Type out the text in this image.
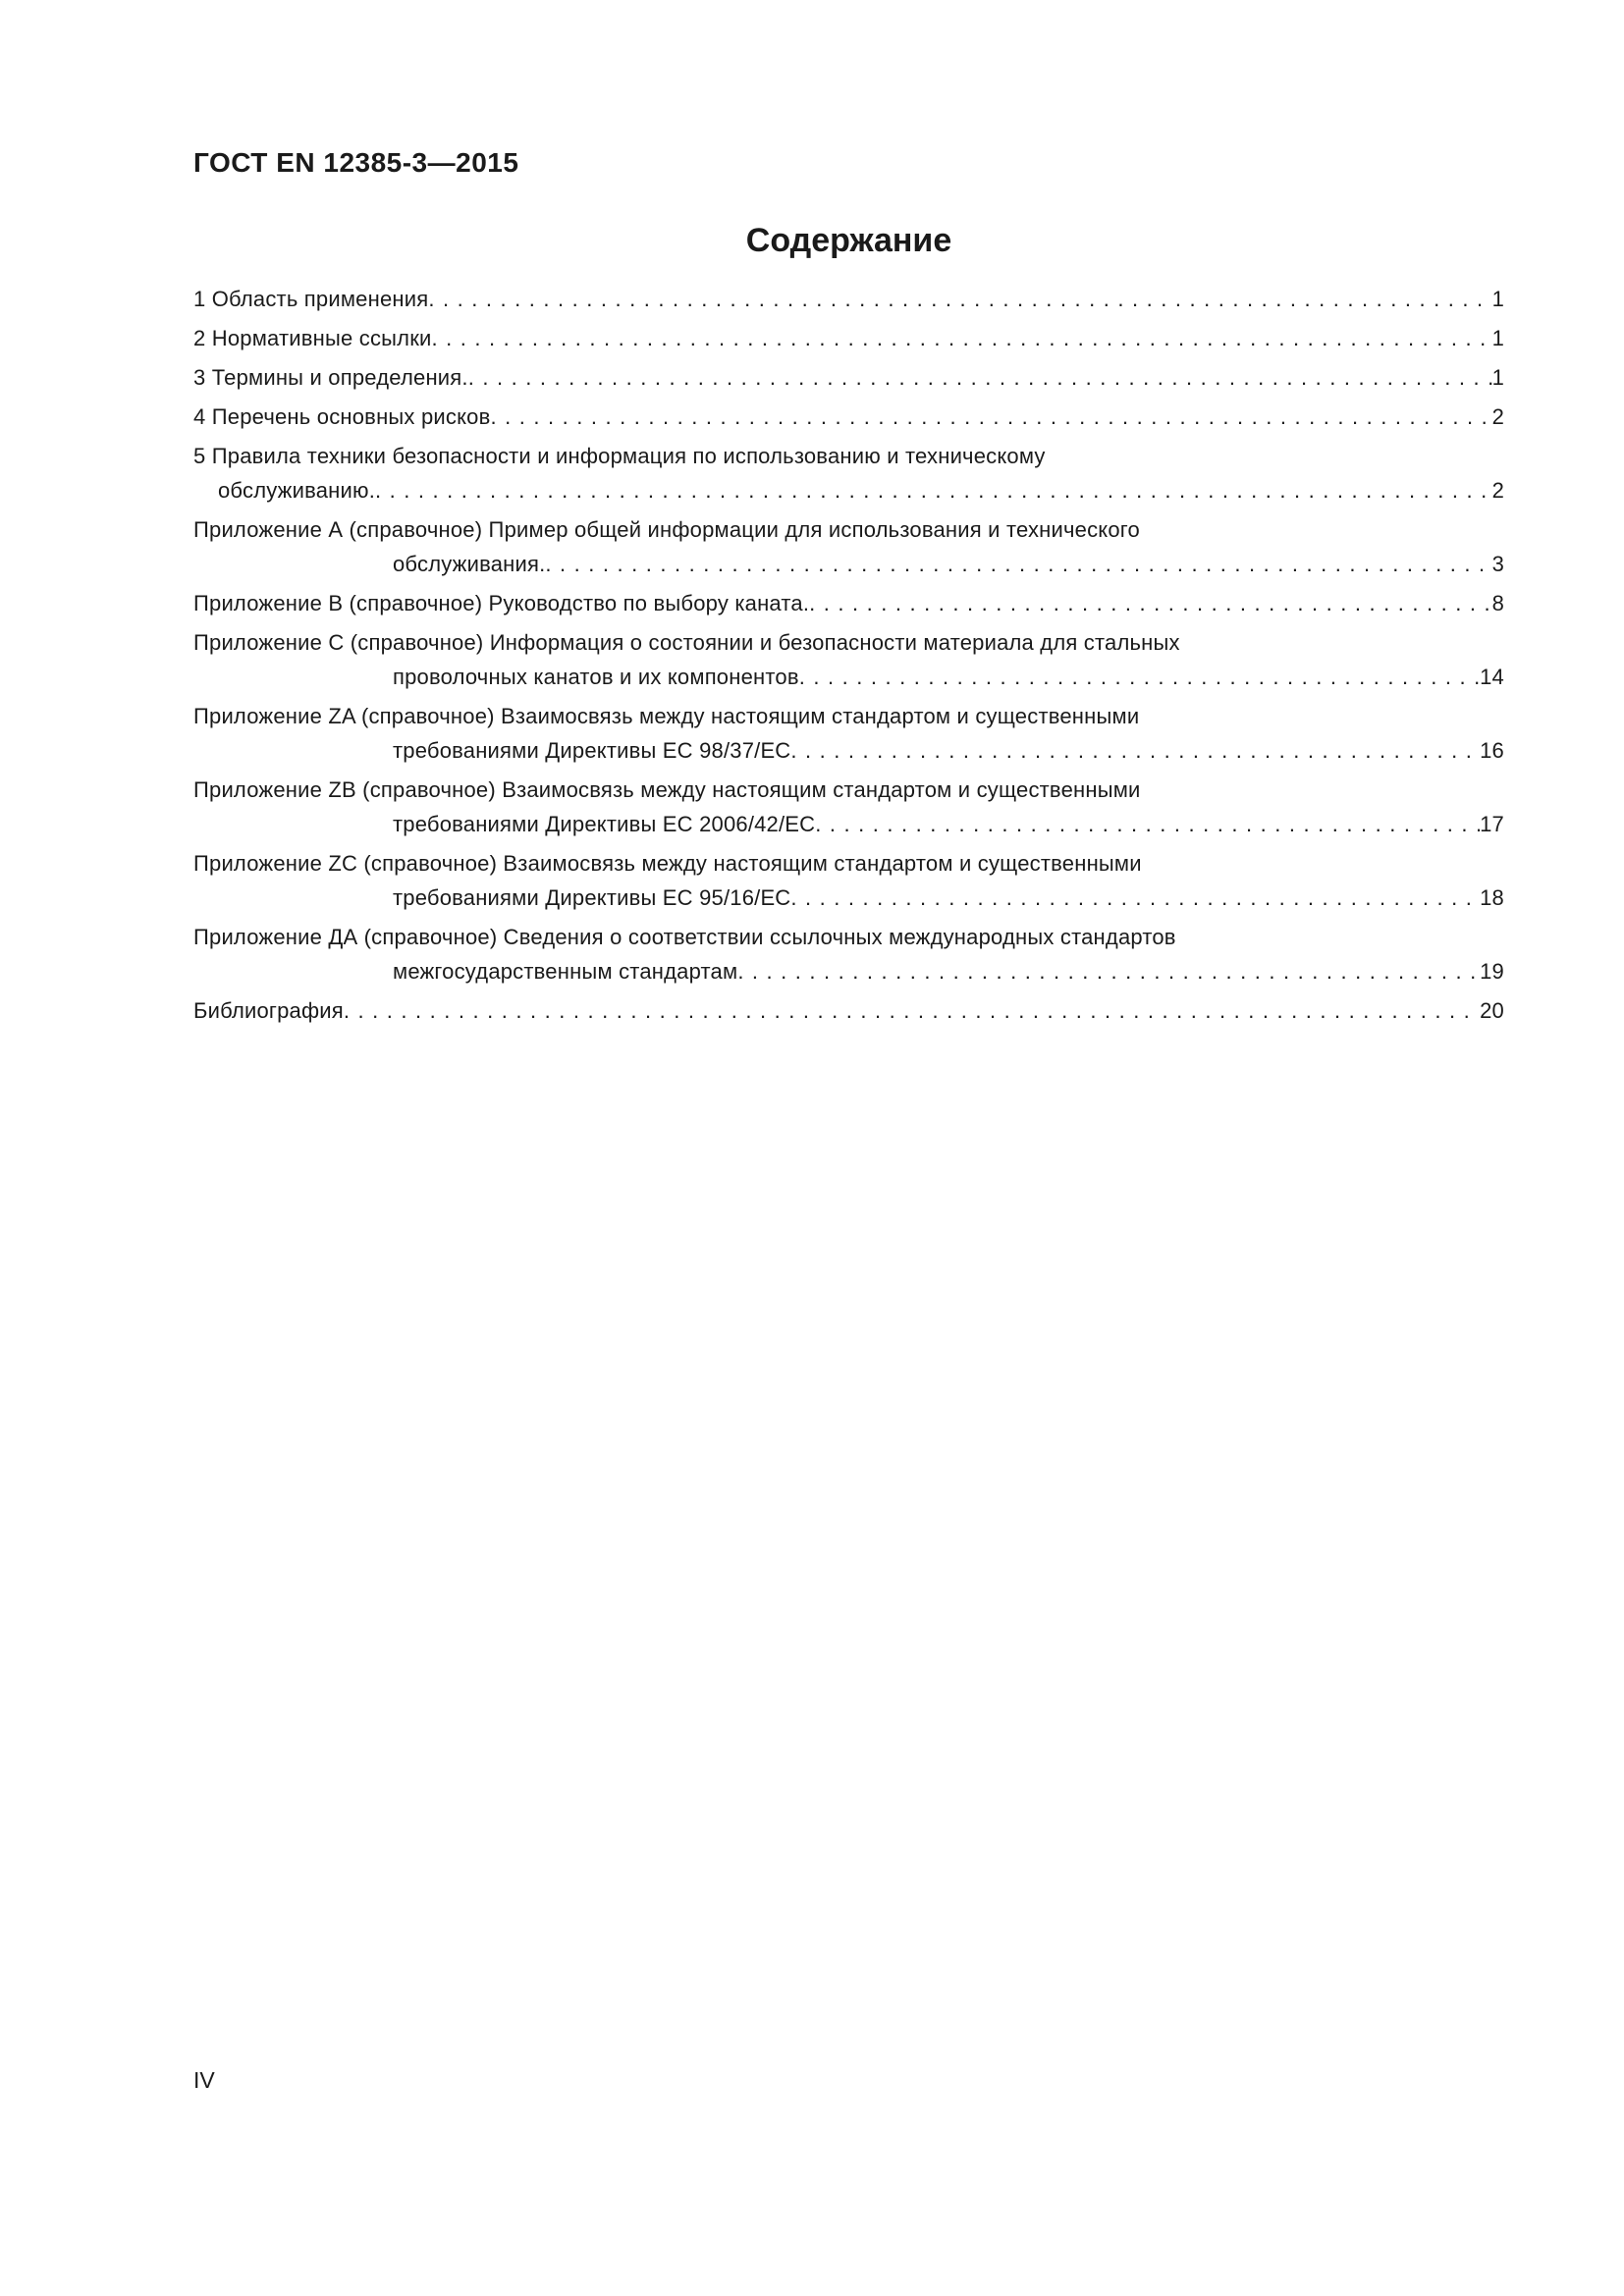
ГОСТ EN 12385-3—2015
Содержание
1 Область применения . . .	1
2 Нормативные ссылки . . .	1
3 Термины и определения. . . .	1
4 Перечень основных рисков . . .	2
5 Правила техники безопасности и информация по использованию и техническому
обслуживанию. . . .	2
Приложение А (справочное) Пример общей информации для использования и технического
обслуживания. . . .	3
Приложение В (справочное) Руководство по выбору каната. . . .	8
Приложение С (справочное) Информация о состоянии и безопасности материала для стальных
проволочных канатов и их компонентов . . .	14
Приложение ZA (справочное) Взаимосвязь между настоящим стандартом и существенными
требованиями Директивы ЕС 98/37/ЕС . . .	16
Приложение ZB (справочное) Взаимосвязь между настоящим стандартом и существенными
требованиями Директивы ЕС 2006/42/ЕС . . .	17
Приложение ZC (справочное) Взаимосвязь между настоящим стандартом и существенными
требованиями Директивы ЕС 95/16/ЕС . . .	18
Приложение ДА (справочное) Сведения о соответствии ссылочных международных стандартов
межгосударственным стандартам . . .	19
Библиография . . .	20
IV
